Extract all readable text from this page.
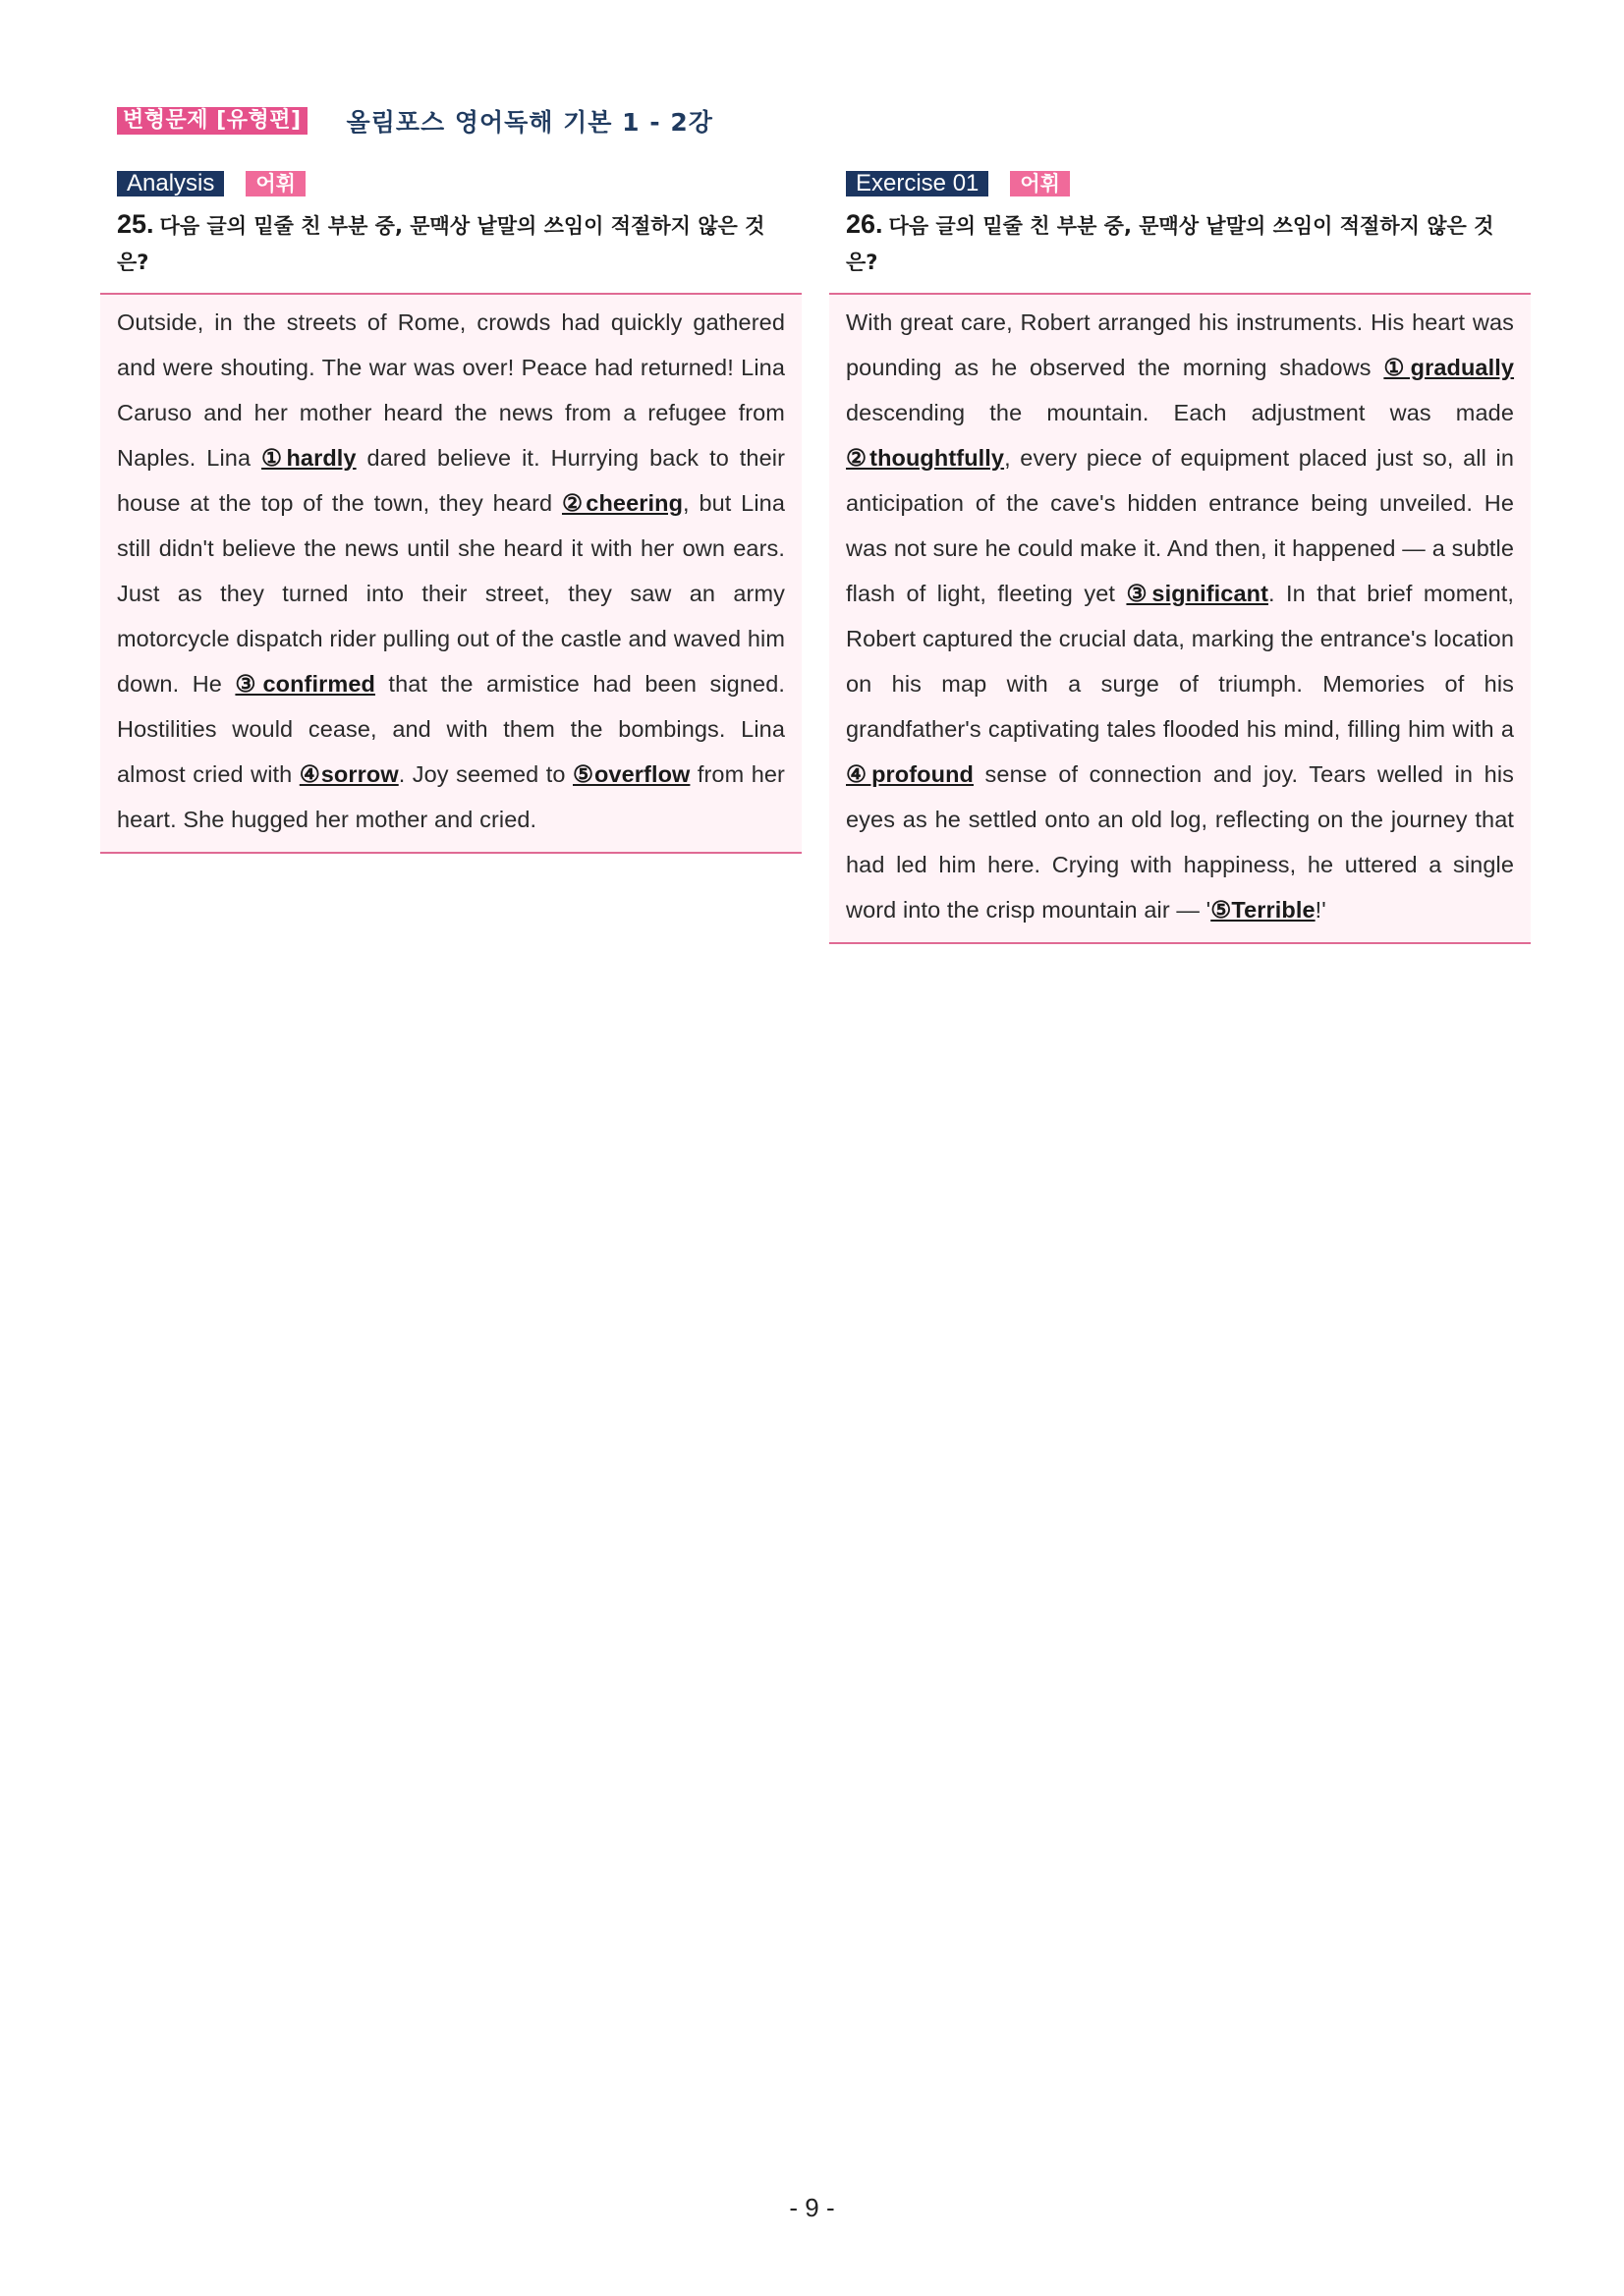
변형문제 [유형편] 올림포스 영어독해 기본 1 - 2강
Analysis	어휘
25. 다음 글의 밑줄 친 부분 중, 문맥상 낱말의 쓰임이 적절하지 않은 것은?

Outside, in the streets of Rome, crowds had quickly gathered and were shouting. The war was over! Peace had returned! Lina Caruso and her mother heard the news from a refugee from Naples. Lina ①hardly dared believe it. Hurrying back to their house at the top of the town, they heard ②cheering, but Lina still didn't believe the news until she heard it with her own ears. Just as they turned into their street, they saw an army motorcycle dispatch rider pulling out of the castle and waved him down. He ③confirmed that the armistice had been signed. Hostilities would cease, and with them the bombings. Lina almost cried with ④sorrow. Joy seemed to ⑤overflow from her heart. She hugged her mother and cried.

Exercise 01	어휘
26. 다음 글의 밑줄 친 부분 중, 문맥상 낱말의 쓰임이 적절하지 않은 것은?

With great care, Robert arranged his instruments. His heart was pounding as he observed the morning shadows ①gradually descending the mountain. Each adjustment was made ②thoughtfully, every piece of equipment placed just so, all in anticipation of the cave's hidden entrance being unveiled. He was not sure he could make it. And then, it happened — a subtle flash of light, fleeting yet ③significant. In that brief moment, Robert captured the crucial data, marking the entrance's location on his map with a surge of triumph. Memories of his grandfather's captivating tales flooded his mind, filling him with a ④profound sense of connection and joy. Tears welled in his eyes as he settled onto an old log, reflecting on the journey that had led him here. Crying with happiness, he uttered a single word into the crisp mountain air — '⑤Terrible!'

- 9 -
